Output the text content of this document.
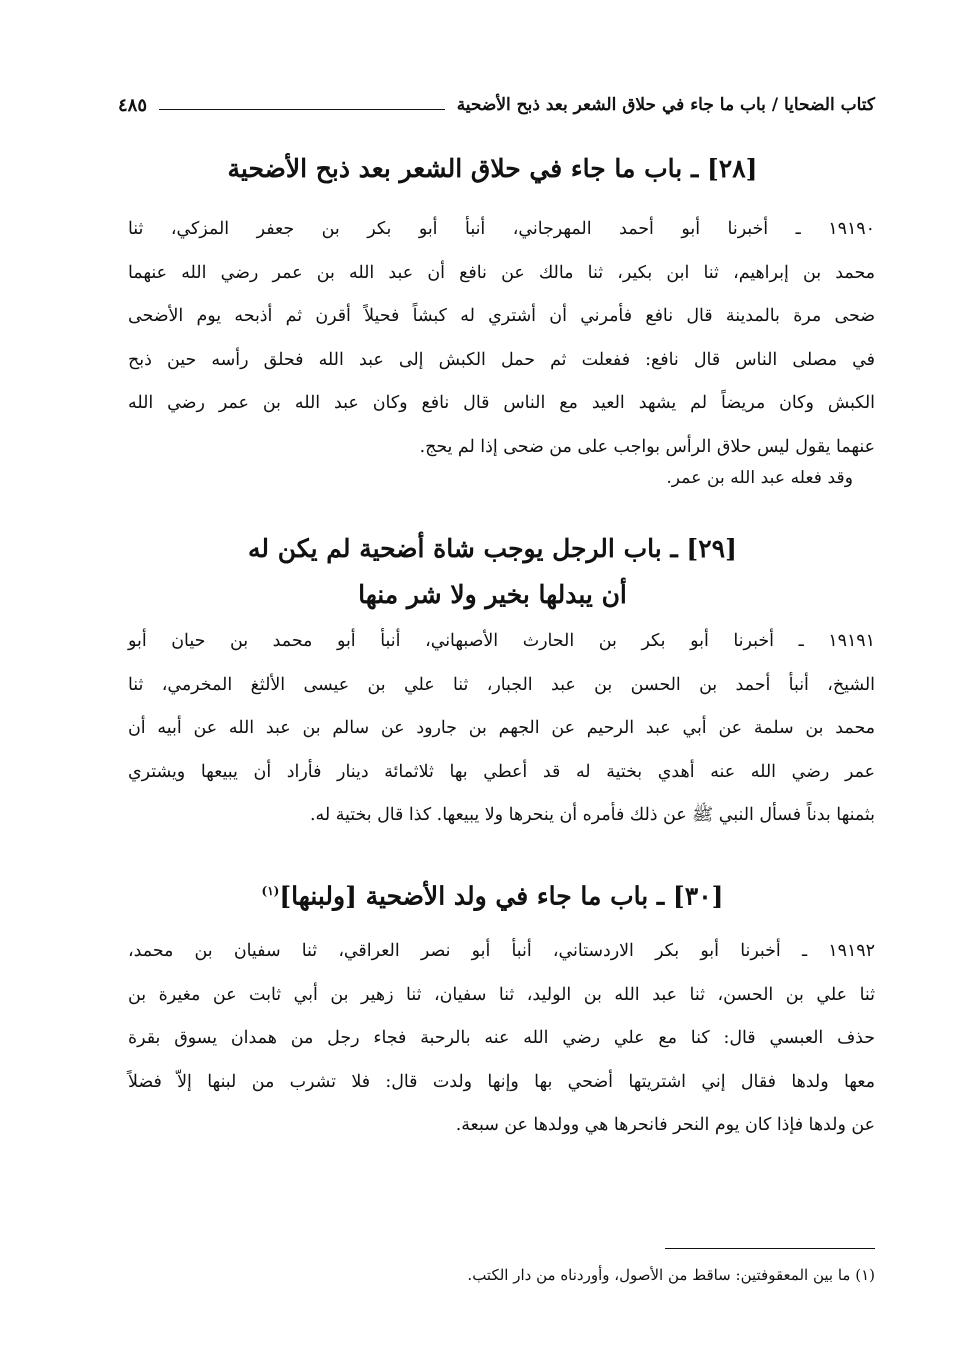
كتاب الضحايا / باب ما جاء في حلاق الشعر بعد ذبح الأضحية
٤٨٥
[٢٨] ـ باب ما جاء في حلاق الشعر بعد ذبح الأضحية
١٩١٩٠ ـ أخبرنا أبو أحمد المهرجاني، أنبأ أبو بكر بن جعفر المزكي، ثنا
محمد بن إبراهيم، ثنا ابن بكير، ثنا مالك عن نافع أن عبد الله بن عمر رضي الله عنهما
ضحى مرة بالمدينة قال نافع فأمرني أن أشتري له كبشاً فحيلاً أقرن ثم أذبحه يوم الأضحى
في مصلى الناس قال نافع: ففعلت ثم حمل الكبش إلى عبد الله فحلق رأسه حين ذبح
الكبش وكان مريضاً لم يشهد العيد مع الناس قال نافع وكان عبد الله بن عمر رضي الله
عنهما يقول ليس حلاق الرأس بواجب على من ضحى إذا لم يحج.
وقد فعله عبد الله بن عمر.
[٢٩] ـ باب الرجل يوجب شاة أضحية لم يكن له
أن يبدلها بخير ولا شر منها
١٩١٩١ ـ أخبرنا أبو بكر بن الحارث الأصبهاني، أنبأ أبو محمد بن حيان أبو
الشيخ، أنبأ أحمد بن الحسن بن عبد الجبار، ثنا علي بن عيسى الألثغ المخرمي، ثنا
محمد بن سلمة عن أبي عبد الرحيم عن الجهم بن جارود عن سالم بن عبد الله عن أبيه أن
عمر رضي الله عنه أهدي بختية له قد أعطي بها ثلاثمائة دينار فأراد أن يبيعها ويشتري
بثمنها بدناً فسأل النبي ﷺ عن ذلك فأمره أن ينحرها ولا يبيعها. كذا قال بختية له.
[٣٠] ـ باب ما جاء في ولد الأضحية [ولبنها]$^{(١)}$
١٩١٩٢ ـ أخبرنا أبو بكر الاردستاني، أنبأ أبو نصر العراقي، ثنا سفيان بن محمد،
ثنا علي بن الحسن، ثنا عبد الله بن الوليد، ثنا سفيان، ثنا زهير بن أبي ثابت عن مغيرة بن
حذف العبسي قال: كنا مع علي رضي الله عنه بالرحبة فجاء رجل من همدان يسوق بقرة
معها ولدها فقال إني اشتريتها أضحي بها وإنها ولدت قال: فلا تشرب من لبنها إلاّ فضلاً
عن ولدها فإذا كان يوم النحر فانحرها هي وولدها عن سبعة.
(١) ما بين المعقوفتين: ساقط من الأصول، وأوردناه من دار الكتب.
